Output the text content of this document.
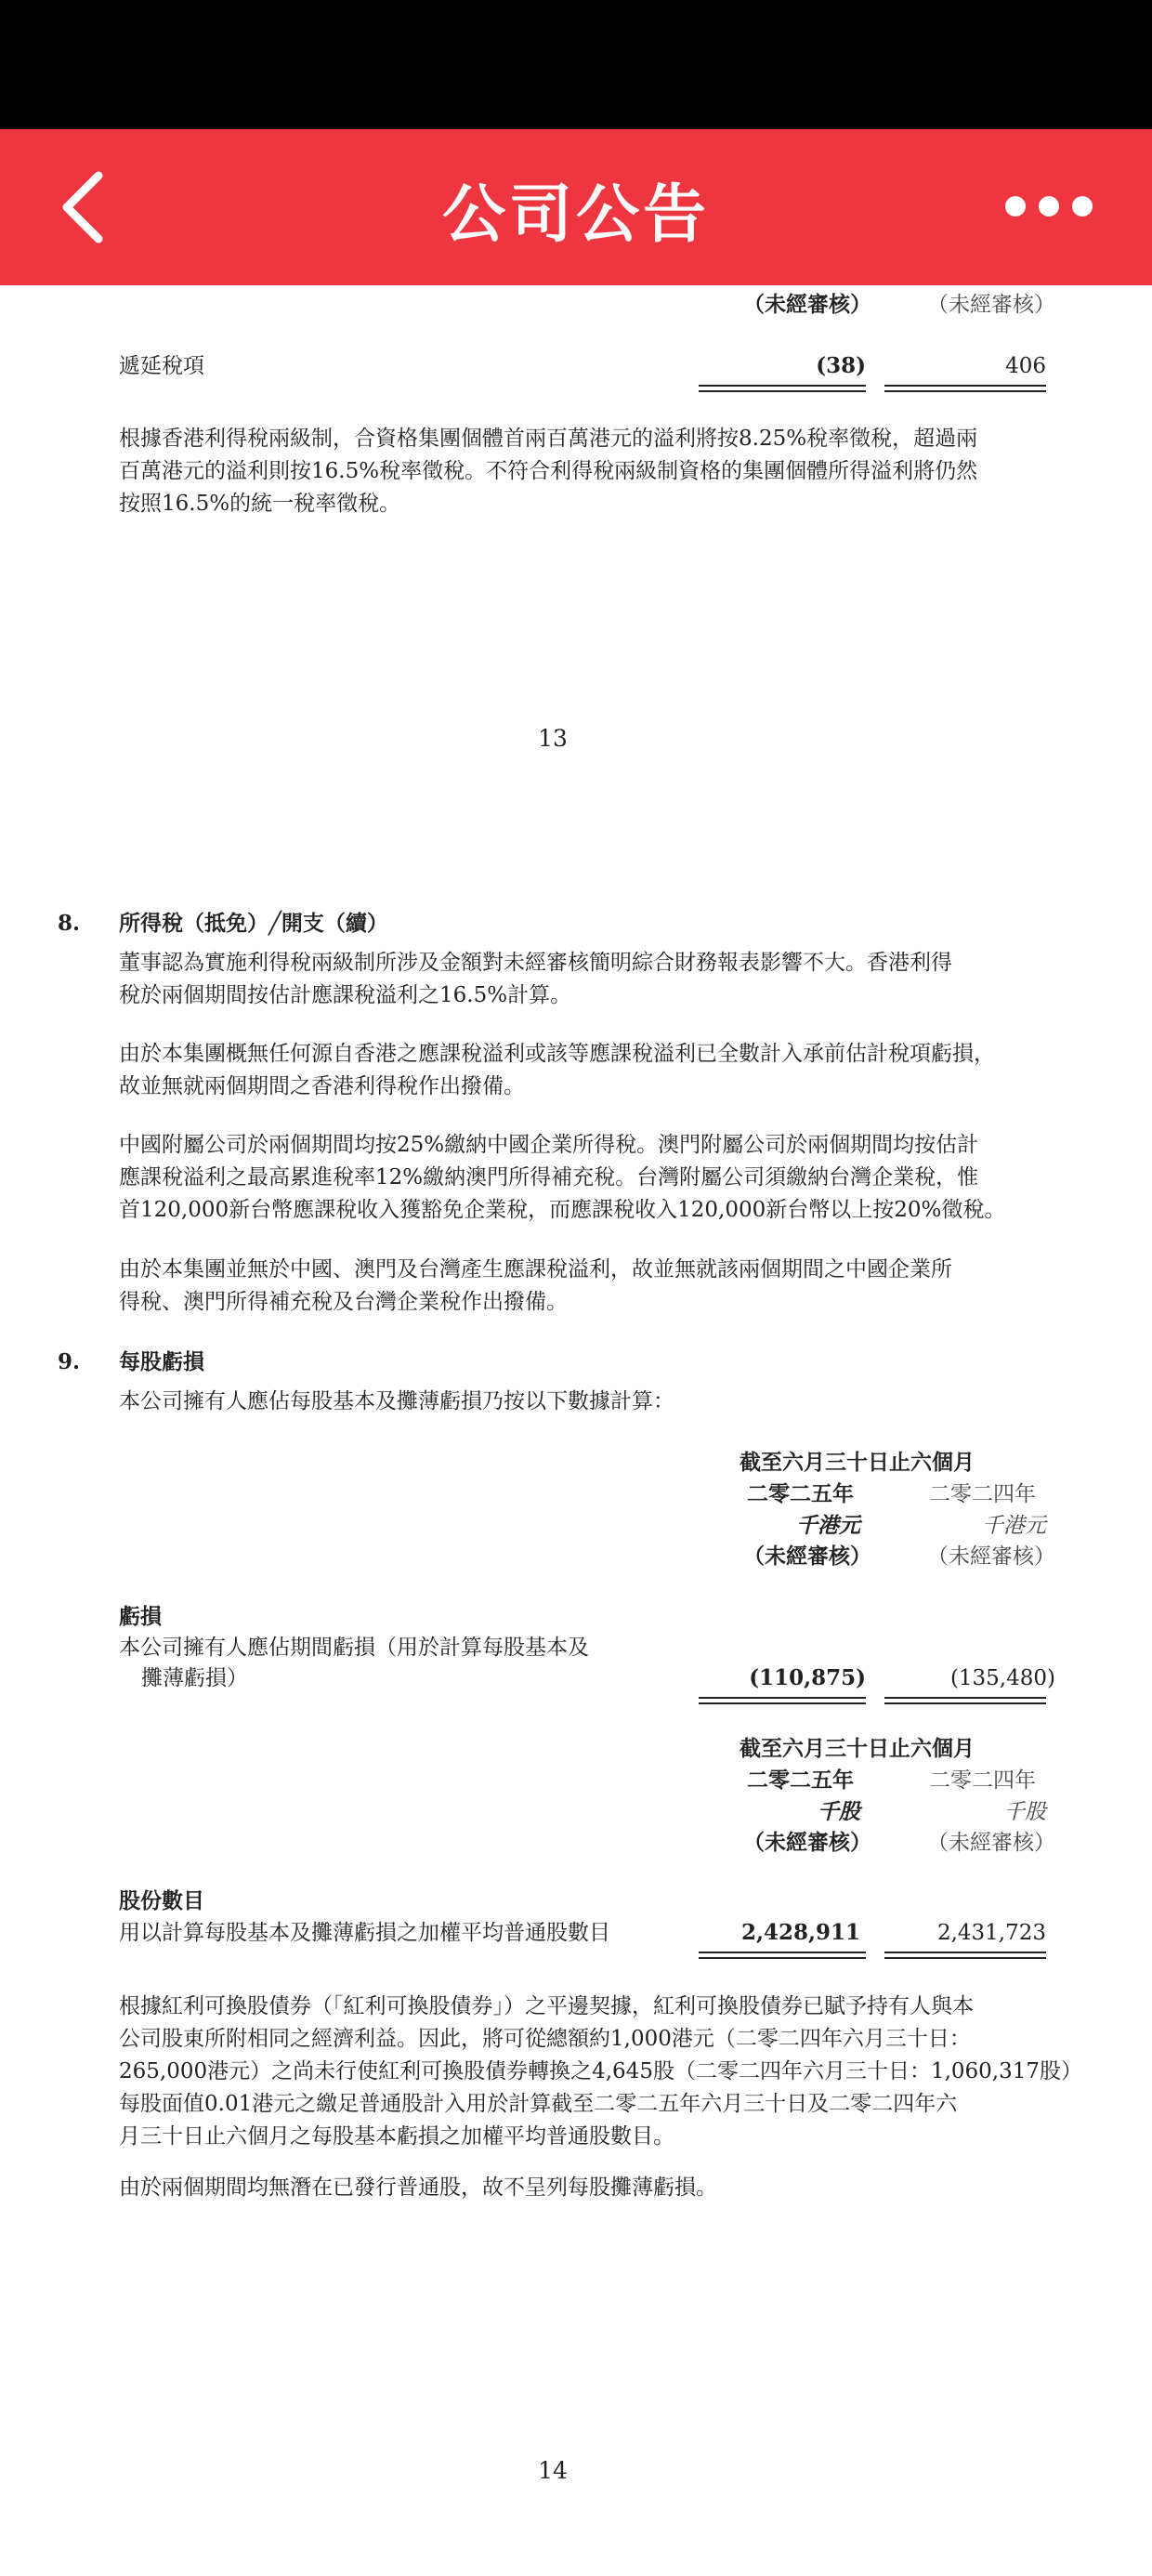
公司公告
（未經審核）	（未經審核）
遞延稅項	(38)	406
根據香港利得稅兩級制，合資格集團個體首兩百萬港元的溢利將按8.25%稅率徵稅，超過兩
百萬港元的溢利則按16.5%稅率徵稅。不符合利得稅兩級制資格的集團個體所得溢利將仍然
按照16.5%的統一稅率徵稅。
13
8. 所得稅（抵免）╱開支（續）
董事認為實施利得稅兩級制所涉及金額對未經審核簡明綜合財務報表影響不大。香港利得
稅於兩個期間按估計應課稅溢利之16.5%計算。
由於本集團概無任何源自香港之應課稅溢利或該等應課稅溢利已全數計入承前估計稅項虧損，
故並無就兩個期間之香港利得稅作出撥備。
中國附屬公司於兩個期間均按25%繳納中國企業所得稅。澳門附屬公司於兩個期間均按估計
應課稅溢利之最高累進稅率12%繳納澳門所得補充稅。台灣附屬公司須繳納台灣企業稅，惟
首120,000新台幣應課稅收入獲豁免企業稅，而應課稅收入120,000新台幣以上按20%徵稅。
由於本集團並無於中國、澳門及台灣產生應課稅溢利，故並無就該兩個期間之中國企業所
得稅、澳門所得補充稅及台灣企業稅作出撥備。
9. 每股虧損
本公司擁有人應佔每股基本及攤薄虧損乃按以下數據計算：
截至六月三十日止六個月
二零二五年	二零二四年
千港元	千港元
（未經審核）	（未經審核）
虧損
本公司擁有人應佔期間虧損（用於計算每股基本及
攤薄虧損）	(110,875)	(135,480)
截至六月三十日止六個月
二零二五年	二零二四年
千股	千股
（未經審核）	（未經審核）
股份數目
用以計算每股基本及攤薄虧損之加權平均普通股數目	2,428,911	2,431,723
根據紅利可換股債券（「紅利可換股債券」）之平邊契據，紅利可換股債券已賦予持有人與本
公司股東所附相同之經濟利益。因此，將可從總額約1,000港元（二零二四年六月三十日：
265,000港元）之尚未行使紅利可換股債券轉換之4,645股（二零二四年六月三十日：1,060,317股）
每股面值0.01港元之繳足普通股計入用於計算截至二零二五年六月三十日及二零二四年六
月三十日止六個月之每股基本虧損之加權平均普通股數目。
由於兩個期間均無潛在已發行普通股，故不呈列每股攤薄虧損。
14
